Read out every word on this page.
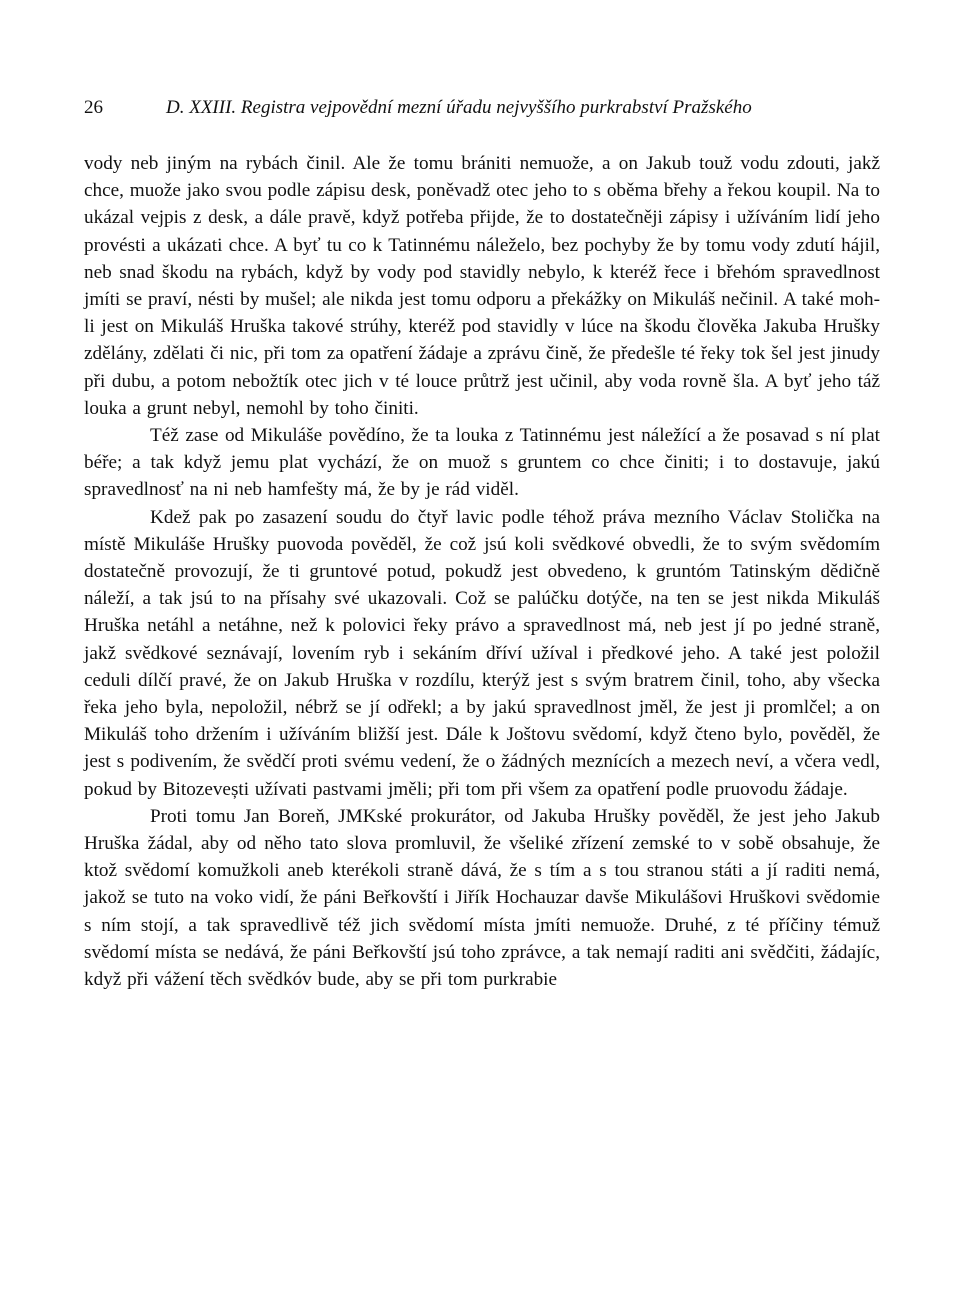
26	D. XXIII. Registra vejpovědní mezní úřadu nejvyššího purkrabství Pražského

vody neb jiným na rybách činil. Ale že tomu brániti nemuože, a on Jakub touž vodu zdouti, jakž chce, muože jako svou podle zápisu desk, poněvadž otec jeho to s oběma břehy a řekou koupil. Na to ukázal vejpis z desk, a dále pravě, když potřeba přijde, že to dostatečněji zápisy i užíváním lidí jeho provésti a ukázati chce. A byť tu co k Tatinnému náleželo, bez pochyby že by tomu vody zdutí hájil, neb snad škodu na rybách, když by vody pod stavidly nebylo, k kteréž řece i břehóm spravedlnost jmíti se praví, nésti by mušel; ale nikda jest tomu odporu a překážky on Mikuláš nečinil. A také moh-li jest on Mikuláš Hruška takové strúhy, kteréž pod stavidly v lúce na škodu člověka Jakuba Hrušky zdělány, zdělati či nic, při tom za opatření žádaje a zprávu čině, že předešle té řeky tok šel jest jinudy při dubu, a potom nebožtík otec jich v té louce průtrž jest učinil, aby voda rovně šla. A byť jeho táž louka a grunt nebyl, nemohl by toho činiti.

Též zase od Mikuláše povědíno, že ta louka z Tatinnému jest náležící a že posavad s ní plat béře; a tak když jemu plat vychází, že on muož s gruntem co chce činiti; i to dostavuje, jakú spravedlnosť na ni neb hamfešty má, že by je rád viděl.

Kdež pak po zasazení soudu do čtyř lavic podle téhož práva mezního Václav Stolička na místě Mikuláše Hrušky puovoda pověděl, že což jsú koli svědkové obvedli, že to svým svědomím dostatečně provozují, že ti gruntové potud, pokudž jest obvedeno, k gruntóm Tatinským dědičně náleží, a tak jsú to na přísahy své ukazovali. Což se palúčku dotýče, na ten se jest nikda Mikuláš Hruška netáhl a netáhne, než k polovici řeky právo a spravedlnost má, neb jest jí po jedné straně, jakž svědkové seznávají, lovením ryb i sekáním dříví užíval i předkové jeho. A také jest položil ceduli dílčí pravé, že on Jakub Hruška v rozdílu, kterýž jest s svým bratrem činil, toho, aby všecka řeka jeho byla, nepoložil, nébrž se jí odřekl; a by jakú spravedlnost jměl, že jest ji promlčel; a on Mikuláš toho držením i užíváním bližší jest. Dále k Joštovu svědomí, když čteno bylo, pověděl, že jest s podivením, že svědčí proti svému vedení, že o žádných meznících a mezech neví, a včera vedl, pokud by Bitozevești užívati pastvami jměli; při tom při všem za opatření podle pruovodu žádaje.

Proti tomu Jan Boreň, JMKské prokurátor, od Jakuba Hrušky pověděl, že jest jeho Jakub Hruška žádal, aby od něho tato slova promluvil, že všeliké zřízení zemské to v sobě obsahuje, že ktož svědomí komužkoli aneb kterékoli straně dává, že s tím a s tou stranou státi a jí raditi nemá, jakož se tuto na voko vidí, že páni Beřkovští i Jiřík Hochauzar davše Mikulášovi Hruškovi svědomie s ním stojí, a tak spravedlivě též jich svědomí místa jmíti nemuože. Druhé, z té příčiny témuž svědomí místa se nedává, že páni Beřkovští jsú toho zprávce, a tak nemají raditi ani svědčiti, žádajíc, když při vážení těch svědkóv bude, aby se při tom purkrabie
